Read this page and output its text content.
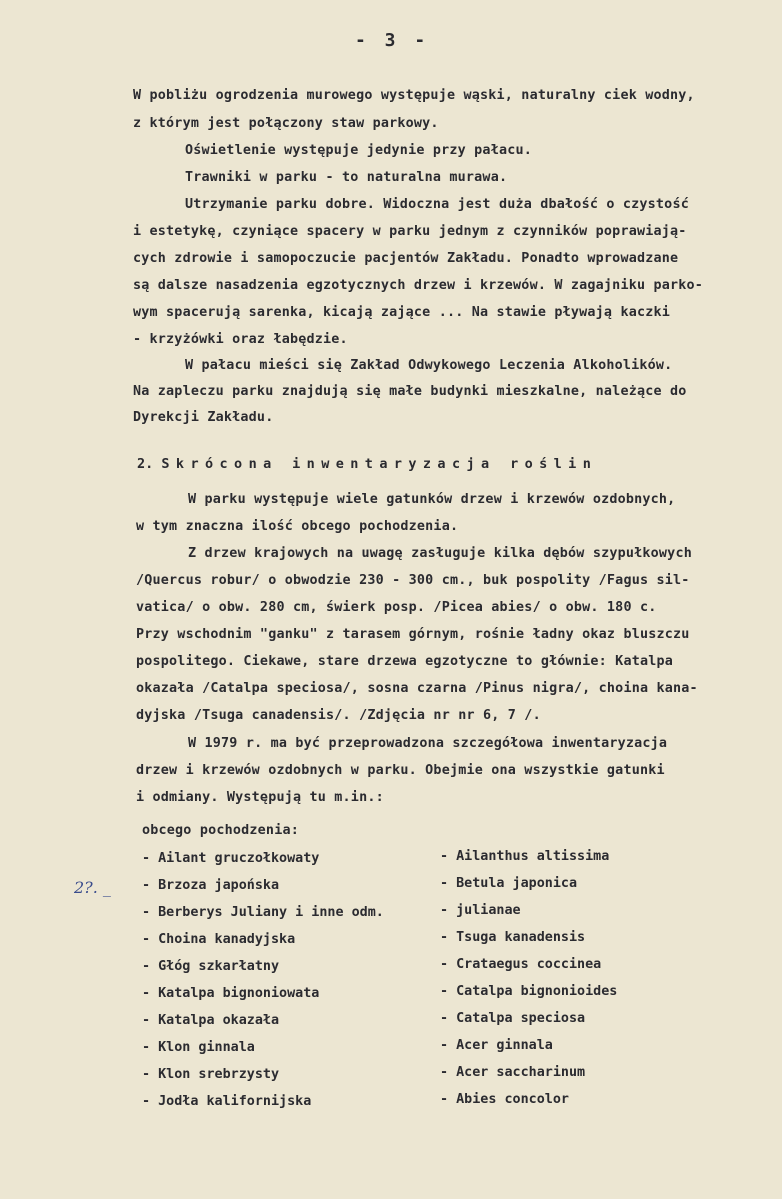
- 3 -
W pobliżu ogrodzenia murowego występuje wąski, naturalny ciek wodny,
z którym jest połączony staw parkowy.
Oświetlenie występuje jedynie przy pałacu.
Trawniki w parku - to naturalna murawa.
Utrzymanie parku dobre. Widoczna jest duża dbałość o czystość
i estetykę, czyniące spacery w parku jednym z czynników poprawiają-
cych zdrowie i samopoczucie pacjentów Zakładu. Ponadto wprowadzane
są dalsze nasadzenia egzotycznych drzew i krzewów. W zagajniku parko-
wym spacerują sarenka, kicają zające ... Na stawie pływają kaczki
- krzyżówki oraz łabędzie.
W pałacu mieści się Zakład Odwykowego Leczenia Alkoholików.
Na zapleczu parku znajdują się małe budynki mieszkalne, należące do
Dyrekcji Zakładu.
2. Skrócona inwentaryzacja roślin
W parku występuje wiele gatunków drzew i krzewów ozdobnych,
w tym znaczna ilość obcego pochodzenia.
Z drzew krajowych na uwagę zasługuje kilka dębów szypułkowych
/Quercus robur/ o obwodzie 230 - 300 cm., buk pospolity /Fagus sil-
vatica/ o obw. 280 cm, świerk posp. /Picea abies/ o obw. 180 c.
Przy wschodnim "ganku" z tarasem górnym, rośnie ładny okaz bluszczu
pospolitego. Ciekawe, stare drzewa egzotyczne to głównie: Katalpa
okazała /Catalpa speciosa/, sosna czarna /Pinus nigra/, choina kana-
dyjska /Tsuga canadensis/. /Zdjęcia nr nr 6, 7 /.
W 1979 r. ma być przeprowadzona szczegółowa inwentaryzacja
drzew i krzewów ozdobnych w parku. Obejmie ona wszystkie gatunki
i odmiany. Występują tu m.in.:
obcego pochodzenia:
- Ailant gruczołkowaty	- Ailanthus altissima
- Brzoza japońska	- Betula japonica
- Berberys Juliany i inne odm.	- julianae
- Choina kanadyjska	- Tsuga kanadensis
- Głóg szkarłatny	- Crataegus coccinea
- Katalpa bignoniowata	- Catalpa bignonioides
- Katalpa okazała	- Catalpa speciosa
- Klon ginnala	- Acer ginnala
- Klon srebrzysty	- Acer saccharinum
- Jodła kalifornijska	- Abies concolor
2?. _
